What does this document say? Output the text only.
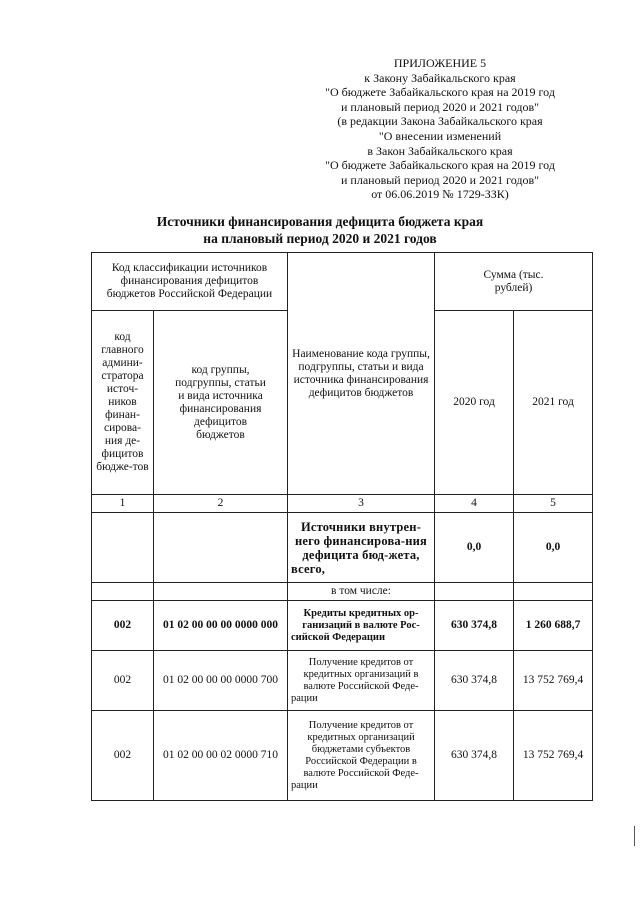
ПРИЛОЖЕНИЕ 5
к Закону Забайкальского края
"О бюджете Забайкальского края на 2019 год
и плановый период 2020 и 2021 годов"
(в редакции Закона Забайкальского края
"О внесении изменений
в Закон Забайкальского края
"О бюджете Забайкальского края на 2019 год
и плановый период 2020 и 2021 годов"
от 06.06.2019 № 1729-ЗЗК)
Источники финансирования дефицита бюджета края
на плановый период 2020 и 2021 годов
Код классификации источников финансирования дефицитов бюджетов Российской Федерации		Наименование кода группы, подгруппы, статьи и вида источника финансирования дефицитов бюджетов	Сумма (тыс. рублей)	
код главного админи-стратора источ-ников финан-сирова-ния де-фицитов бюдже-тов	код группы, подгруппы, статьи и вида источника финансирования дефицитов бюджетов		2020 год	2021 год
1	2	3	4	5
		Источники внутрен-него финансирова-ния дефицита бюд-жета, всего,	0,0	0,0
		в том числе:		
002	01 02 00 00 00 0000 000	Кредиты кредитных ор-ганизаций в валюте Рос-сийской Федерации	630 374,8	1 260 688,7
002	01 02 00 00 00 0000 700	Получение кредитов от кредитных организаций в валюте Российской Феде-рации	630 374,8	13 752 769,4
002	01 02 00 00 02 0000 710	Получение кредитов от кредитных организаций бюджетами субъектов Российской Федерации в валюте Российской Феде-рации	630 374,8	13 752 769,4
